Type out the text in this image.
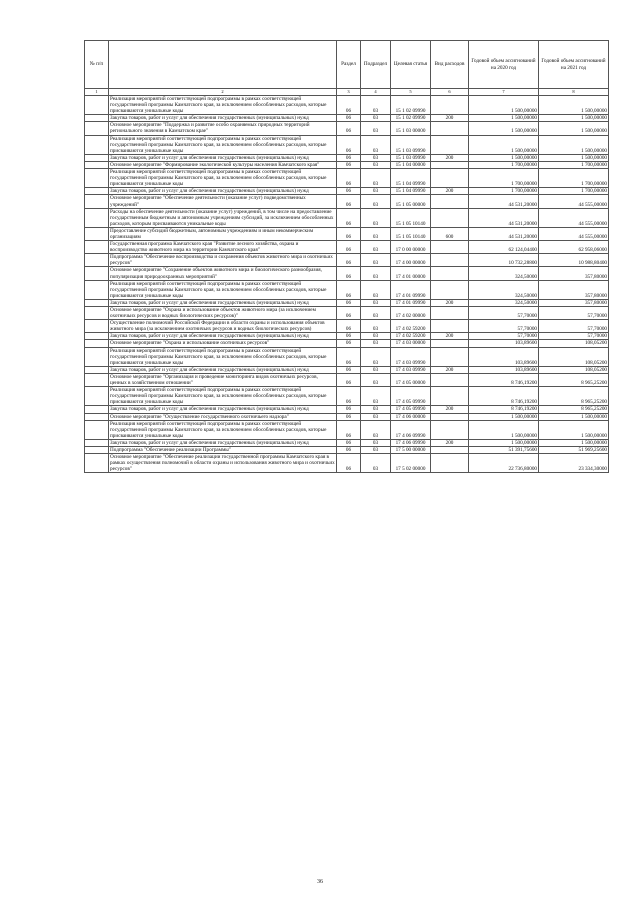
№ п/п		Раздел	Подраздел	Целевая статья	Вид расходов	Годовой объем ассигнований на 2020 год	Годовой объем ассигнований на 2021 год
1	2	3	4	5	6	7	8
	Реализация мероприятий соответствующей подпрограммы в рамках соответствующей государственной программы Камчатского края, за исключением обособленных расходов, которые присваиваются уникальные коды	06	03	15 1 02 09990		1 500,00000	1 500,00000
	Закупка товаров, работ и услуг для обеспечения государственных (муниципальных) нужд	06	03	15 1 02 09990	200	1 500,00000	1 500,00000
	Основное мероприятие "Поддержка и развитие особо охраняемых природных территорий регионального значения в Камчатском крае"	06	03	15 1 03 00000		1 500,00000	1 500,00000
	Реализация мероприятий соответствующей подпрограммы в рамках соответствующей государственной программы Камчатского края, за исключением обособленных расходов, которые присваиваются уникальные коды	06	03	15 1 03 09990		1 500,00000	1 500,00000
	Закупка товаров, работ и услуг для обеспечения государственных (муниципальных) нужд	06	03	15 1 03 09990	200	1 500,00000	1 500,00000
	Основное мероприятие "Формирование экологической культуры населения Камчатского края"	06	03	15 1 04 00000		1 700,00000	1 700,00000
	Реализация мероприятий соответствующей подпрограммы в рамках соответствующей государственной программы Камчатского края, за исключением обособленных расходов, которые присваиваются уникальные коды	06	03	15 1 04 09990		1 700,00000	1 700,00000
	Закупка товаров, работ и услуг для обеспечения государственных (муниципальных) нужд	06	03	15 1 04 09990	200	1 700,00000	1 700,00000
	Основное мероприятие "Обеспечение деятельности (оказание услуг) подведомственных учреждений"	06	03	15 1 05 00000		44 531,20000	44 555,00000
	Расходы на обеспечение деятельности (оказание услуг) учреждений, в том числе на предоставление государственным бюджетным и автономным учреждениям субсидий, за исключением обособленных расходов, которым присваиваются уникальные коды	06	03	15 1 05 10140		44 531,20000	44 555,00000
	Предоставление субсидий бюджетным, автономным учреждениям и иным некоммерческим организациям	06	03	15 1 05 10140	600	44 531,20000	44 555,00000
	Государственная программа Камчатского края "Развитие лесного хозяйства, охрана и воспроизводство животного мира на территории Камчатского края"	06	03	17 0 00 00000		62 124,04400	62 958,06000
	Подпрограмма "Обеспечение воспроизводства и сохранения объектов животного мира и охотничьих ресурсов"	06	03	17 4 00 00000		10 732,28800	10 988,80400
	Основное мероприятие "Сохранение объектов животного мира и биологического разнообразия, популяризация природоохранных мероприятий"	06	03	17 4 01 00000		324,50000	357,80000
	Реализация мероприятий соответствующей подпрограммы в рамках соответствующей государственной программы Камчатского края, за исключением обособленных расходов, которые присваиваются уникальные коды	06	03	17 4 01 09990		324,50000	357,80000
	Закупка товаров, работ и услуг для обеспечения государственных (муниципальных) нужд	06	03	17 4 01 09990	200	324,50000	357,80000
	Основное мероприятие "Охрана и использование объектов животного мира (за исключением охотничьих ресурсов и водных биологических ресурсов)"	06	03	17 4 02 00000		57,70000	57,70000
	Осуществление полномочий Российской Федерации в области охраны и использования объектов животного мира (за исключением охотничьих ресурсов и водных биологических ресурсов)	06	03	17 4 02 59200		57,70000	57,70000
	Закупка товаров, работ и услуг для обеспечения государственных (муниципальных) нужд	06	03	17 4 02 59200	200	57,70000	57,70000
	Основное мероприятие "Охрана и использование охотничьих ресурсов"	06	03	17 4 03 00000		103,89600	108,05200
	Реализация мероприятий соответствующей подпрограммы в рамках соответствующей государственной программы Камчатского края, за исключением обособленных расходов, которые присваиваются уникальные коды	06	03	17 4 03 09990		103,89600	108,05200
	Закупка товаров, работ и услуг для обеспечения государственных (муниципальных) нужд	06	03	17 4 03 09990	200	103,89600	108,05200
	Основное мероприятие "Организация и проведение мониторинга видов охотничьих ресурсов, ценных в хозяйственном отношении"	06	03	17 4 05 00000		8 746,19200	8 965,25200
	Реализация мероприятий соответствующей подпрограммы в рамках соответствующей государственной программы Камчатского края, за исключением обособленных расходов, которые присваиваются уникальные коды	06	03	17 4 05 09990		8 746,19200	8 965,25200
	Закупка товаров, работ и услуг для обеспечения государственных (муниципальных) нужд	06	03	17 4 05 09990	200	8 746,19200	8 965,25200
	Основное мероприятие "Осуществление государственного охотничьего надзора"	06	03	17 4 06 00000		1 500,00000	1 500,00000
	Реализация мероприятий соответствующей подпрограммы в рамках соответствующей государственной программы Камчатского края, за исключением обособленных расходов, которые присваиваются уникальные коды	06	03	17 4 06 09990		1 500,00000	1 500,00000
	Закупка товаров, работ и услуг для обеспечения государственных (муниципальных) нужд	06	03	17 4 06 09990	200	1 500,00000	1 500,00000
	Подпрограмма "Обеспечение реализации Программы"	06	03	17 5 00 00000		51 391,75600	51 969,25600
	Основное мероприятие "Обеспечение реализации государственной программы Камчатского края в рамках осуществления полномочий в области охраны и использования животного мира и охотничьих ресурсов"	06	03	17 5 02 00000		22 736,80000	23 334,30000
36
